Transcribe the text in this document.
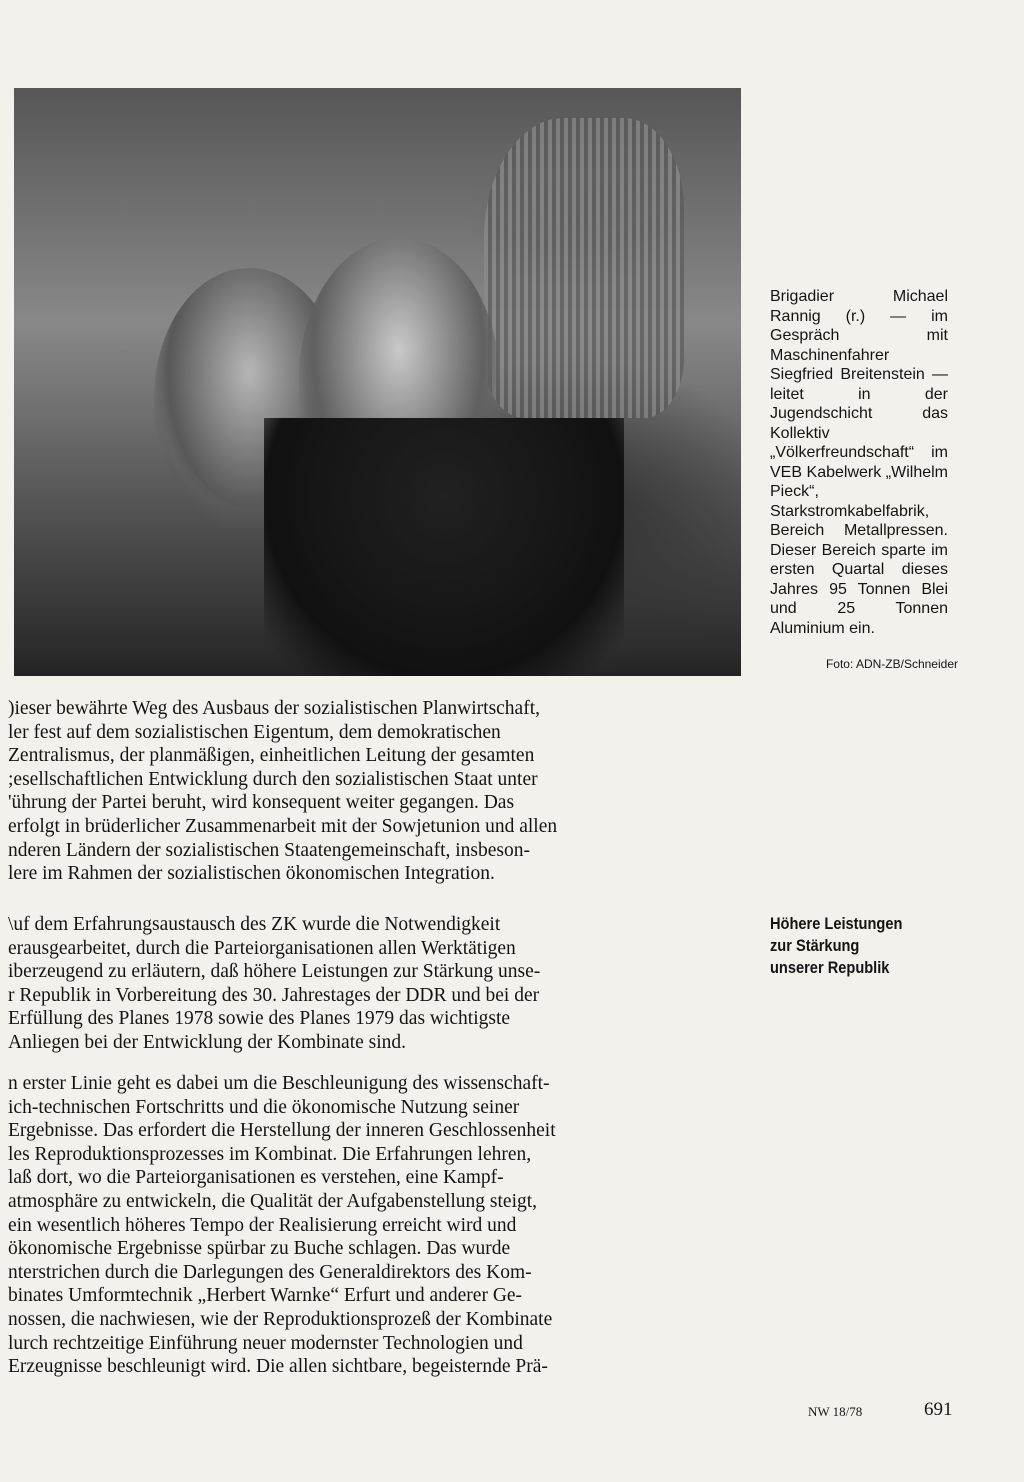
Brigadier Michael Rannig (r.) — im Gespräch mit Maschinenfahrer Siegfried Breitenstein — leitet in der Jugendschicht das Kollektiv „Völkerfreundschaft“ im VEB Kabelwerk „Wilhelm Pieck“, Starkstromkabelfabrik, Bereich Metallpressen. Dieser Bereich sparte im ersten Quartal dieses Jahres 95 Tonnen Blei und 25 Tonnen Aluminium ein.
Foto: ADN-ZB/Schneider
)ieser bewährte Weg des Ausbaus der sozialistischen Planwirtschaft,
ler fest auf dem sozialistischen Eigentum, dem demokratischen
Zentralismus, der planmäßigen, einheitlichen Leitung der gesamten
;esellschaftlichen Entwicklung durch den sozialistischen Staat unter
'ührung der Partei beruht, wird konsequent weiter gegangen. Das
erfolgt in brüderlicher Zusammenarbeit mit der Sowjetunion und allen
nderen Ländern der sozialistischen Staatengemeinschaft, insbeson-
lere im Rahmen der sozialistischen ökonomischen Integration.
\uf dem Erfahrungsaustausch des ZK wurde die Notwendigkeit
erausgearbeitet, durch die Parteiorganisationen allen Werktätigen
iberzeugend zu erläutern, daß höhere Leistungen zur Stärkung unse-
r Republik in Vorbereitung des 30. Jahrestages der DDR und bei der
Erfüllung des Planes 1978 sowie des Planes 1979 das wichtigste
Anliegen bei der Entwicklung der Kombinate sind.
n erster Linie geht es dabei um die Beschleunigung des wissenschaft-
ich-technischen Fortschritts und die ökonomische Nutzung seiner
Ergebnisse. Das erfordert die Herstellung der inneren Geschlossenheit
les Reproduktionsprozesses im Kombinat. Die Erfahrungen lehren,
laß dort, wo die Parteiorganisationen es verstehen, eine Kampf-
atmosphäre zu entwickeln, die Qualität der Aufgabenstellung steigt,
ein wesentlich höheres Tempo der Realisierung erreicht wird und
ökonomische Ergebnisse spürbar zu Buche schlagen. Das wurde
nterstrichen durch die Darlegungen des Generaldirektors des Kom-
binates Umformtechnik „Herbert Warnke“ Erfurt und anderer Ge-
nossen, die nachwiesen, wie der Reproduktionsprozeß der Kombinate
lurch rechtzeitige Einführung neuer modernster Technologien und
Erzeugnisse beschleunigt wird. Die allen sichtbare, begeisternde Prä-
Höhere Leistungen
zur Stärkung
unserer Republik
NW 18/78	691
